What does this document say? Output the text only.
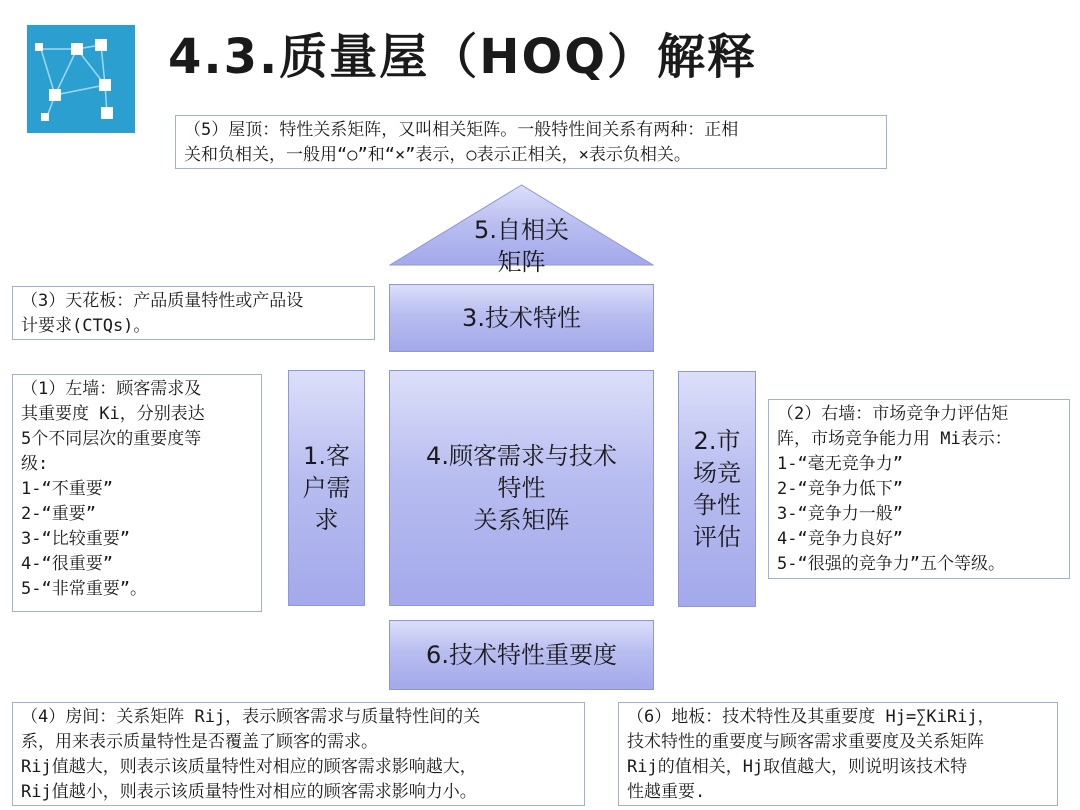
4.3.质量屋（HOQ）解释
（5）屋顶：特性关系矩阵，又叫相关矩阵。一般特性间关系有两种：正相
关和负相关，一般用“○”和“×”表示，○表示正相关，×表示负相关。
5.自相关
矩阵
（3）天花板：产品质量特性或产品设
计要求(CTQs)。	3.技术特性
（1）左墙：顾客需求及
其重要度 Ki，分别表达
5个不同层次的重要度等
级:
1-“不重要”
2-“重要”
3-“比较重要”
4-“很重要”
5-“非常重要”。
1.客
户需
求
4.顾客需求与技术
特性
关系矩阵
2.市
场竞
争性
评估
（2）右墙：市场竞争力评估矩
阵，市场竞争能力用 Mi表示：
1-“毫无竞争力”
2-“竞争力低下”
3-“竞争力一般”
4-“竞争力良好”
5-“很强的竞争力”五个等级。
6.技术特性重要度
（4）房间：关系矩阵 Rij，表示顾客需求与质量特性间的关
系，用来表示质量特性是否覆盖了顾客的需求。
Rij值越大，则表示该质量特性对相应的顾客需求影响越大，
Rij值越小，则表示该质量特性对相应的顾客需求影响力小。
（6）地板：技术特性及其重要度 Hj=∑KiRij，
技术特性的重要度与顾客需求重要度及关系矩阵
Rij的值相关，Hj取值越大，则说明该技术特
性越重要.
